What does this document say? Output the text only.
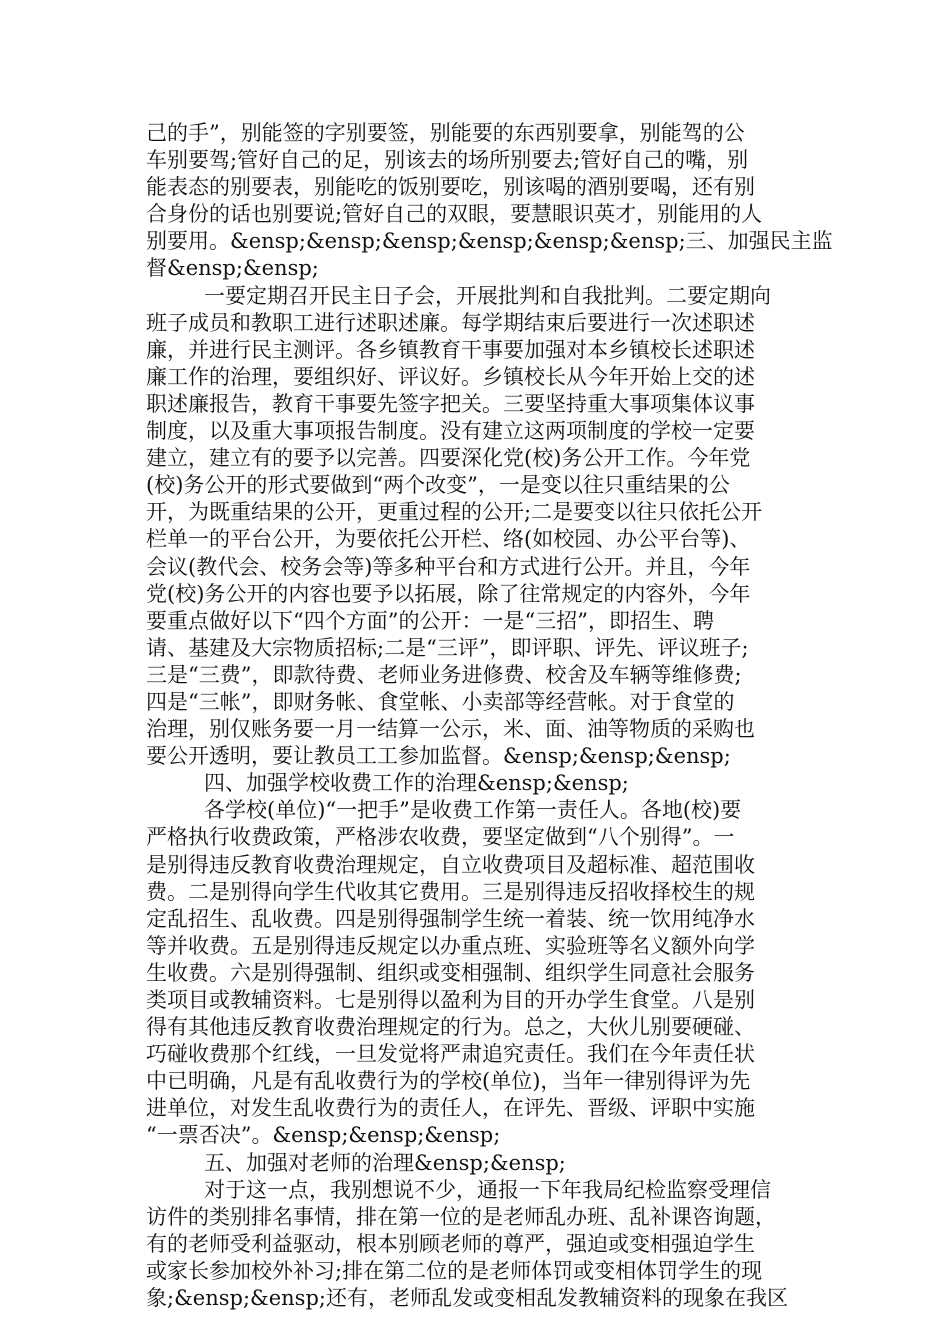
己的手”，别能签的字别要签，别能要的东西别要拿，别能驾的公

车别要驾;管好自己的足，别该去的场所别要去;管好自己的嘴，别

能表态的别要表，别能吃的饭别要吃，别该喝的酒别要喝，还有别

合身份的话也别要说;管好自己的双眼，要慧眼识英才，别能用的人

别要用。&ensp;&ensp;&ensp;&ensp;&ensp;&ensp;三、加强民主监

督&ensp;&ensp;

一要定期召开民主日子会，开展批判和自我批判。二要定期向

班子成员和教职工进行述职述廉。每学期结束后要进行一次述职述

廉，并进行民主测评。各乡镇教育干事要加强对本乡镇校长述职述

廉工作的治理，要组织好、评议好。乡镇校长从今年开始上交的述

职述廉报告，教育干事要先签字把关。三要坚持重大事项集体议事

制度，以及重大事项报告制度。没有建立这两项制度的学校一定要

建立，建立有的要予以完善。四要深化党(校)务公开工作。今年党

(校)务公开的形式要做到“两个改变”，一是变以往只重结果的公

开，为既重结果的公开，更重过程的公开;二是要变以往只依托公开

栏单一的平台公开，为要依托公开栏、络(如校园、办公平台等)、

会议(教代会、校务会等)等多种平台和方式进行公开。并且，今年

党(校)务公开的内容也要予以拓展，除了往常规定的内容外，今年

要重点做好以下“四个方面”的公开：一是“三招”，即招生、聘

请、基建及大宗物质招标;二是“三评”，即评职、评先、评议班子;

三是“三费”，即款待费、老师业务进修费、校舍及车辆等维修费;

四是“三帐”，即财务帐、食堂帐、小卖部等经营帐。对于食堂的

治理，别仅账务要一月一结算一公示，米、面、油等物质的采购也

要公开透明，要让教员工工参加监督。&ensp;&ensp;&ensp;

四、加强学校收费工作的治理&ensp;&ensp;

各学校(单位)“一把手”是收费工作第一责任人。各地(校)要

严格执行收费政策，严格涉农收费，要坚定做到“八个别得”。一

是别得违反教育收费治理规定，自立收费项目及超标准、超范围收

费。二是别得向学生代收其它费用。三是别得违反招收择校生的规

定乱招生、乱收费。四是别得强制学生统一着装、统一饮用纯净水

等并收费。五是别得违反规定以办重点班、实验班等名义额外向学

生收费。六是别得强制、组织或变相强制、组织学生同意社会服务

类项目或教辅资料。七是别得以盈利为目的开办学生食堂。八是别

得有其他违反教育收费治理规定的行为。总之，大伙儿别要硬碰、

巧碰收费那个红线，一旦发觉将严肃追究责任。我们在今年责任状

中已明确，凡是有乱收费行为的学校(单位)，当年一律别得评为先

进单位，对发生乱收费行为的责任人，在评先、晋级、评职中实施

“一票否决”。&ensp;&ensp;&ensp;

五、加强对老师的治理&ensp;&ensp;

对于这一点，我别想说不少，通报一下年我局纪检监察受理信

访件的类别排名事情，排在第一位的是老师乱办班、乱补课咨询题，

有的老师受利益驱动，根本别顾老师的尊严，强迫或变相强迫学生

或家长参加校外补习;排在第二位的是老师体罚或变相体罚学生的现

象;&ensp;&ensp;还有，老师乱发或变相乱发教辅资料的现象在我区
